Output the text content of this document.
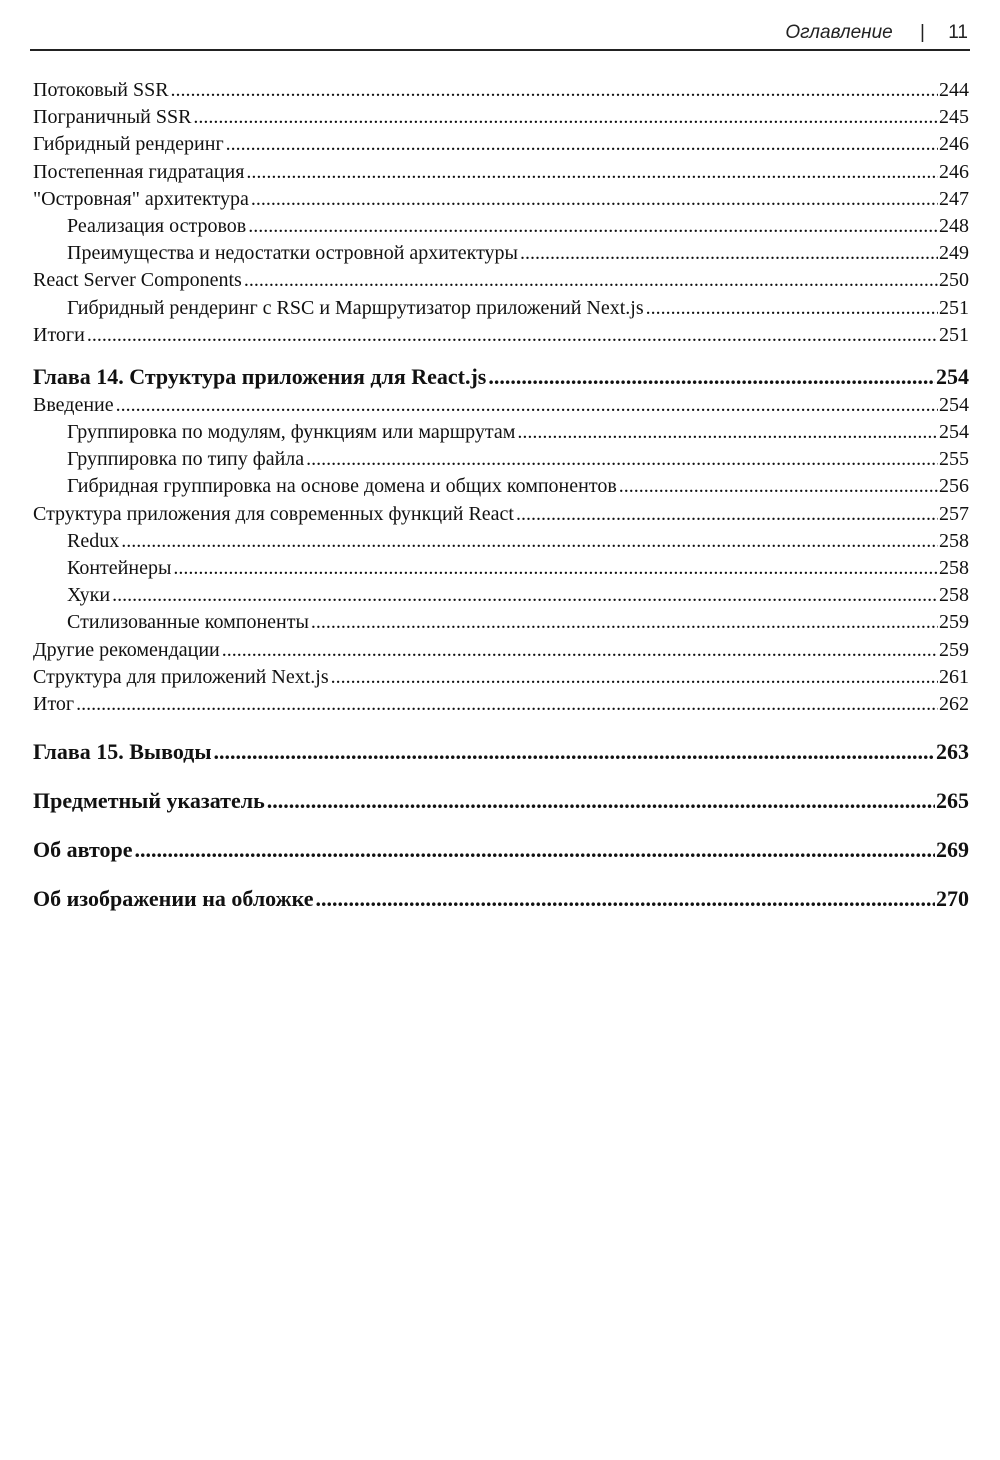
Оглавление | 11
Потоковый SSR .....	244
Пограничный SSR .....	245
Гибридный рендеринг .....	246
Постепенная гидратация .....	246
"Островная" архитектура .....	247
Реализация островов .....	248
Преимущества и недостатки островной архитектуры .....	249
React Server Components .....	250
Гибридный рендеринг с RSC и Маршрутизатор приложений Next.js .....	251
Итоги .....	251
Глава 14. Структура приложения для React.js .....	254
Введение .....	254
Группировка по модулям, функциям или маршрутам .....	254
Группировка по типу файла .....	255
Гибридная группировка на основе домена и общих компонентов .....	256
Структура приложения для современных функций React .....	257
Redux .....	258
Контейнеры .....	258
Хуки .....	258
Стилизованные компоненты .....	259
Другие рекомендации .....	259
Структура для приложений Next.js .....	261
Итог .....	262
Глава 15. Выводы .....	263
Предметный указатель .....	265
Об авторе .....	269
Об изображении на обложке .....	270
